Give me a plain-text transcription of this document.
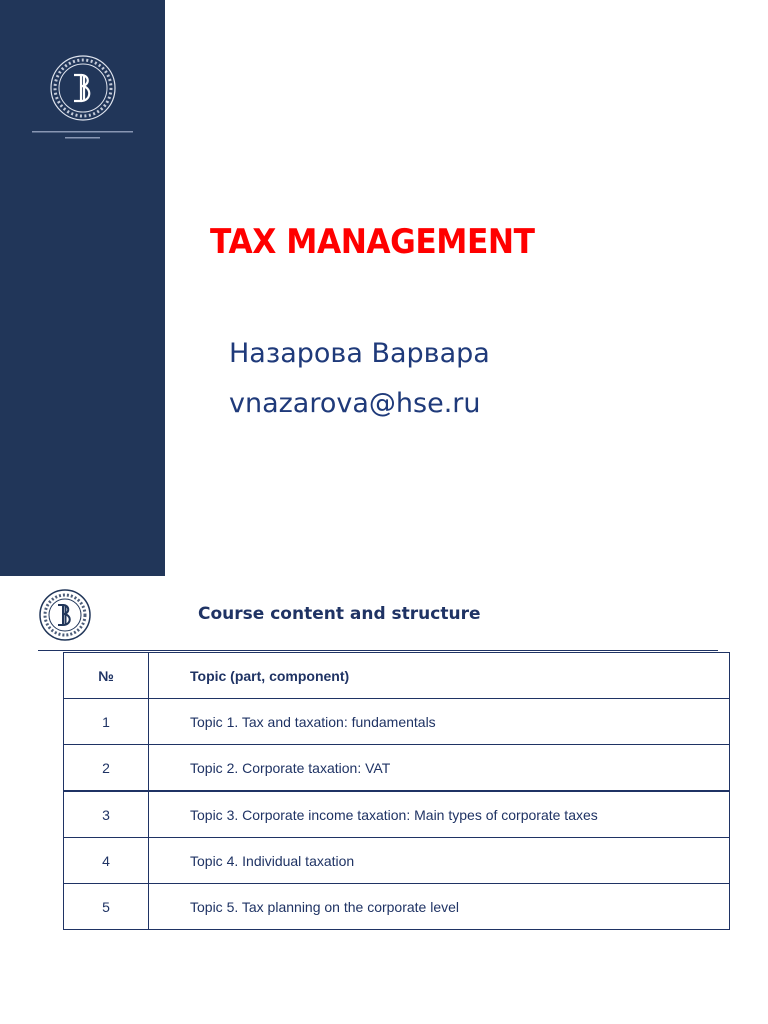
TAX MANAGEMENT
Назарова Варвара
vnazarova@hse.ru
Course content and structure
№	Topic (part, component)
1	Topic 1. Tax and taxation: fundamentals
2	Topic 2. Corporate taxation: VAT
3	Topic 3. Corporate income taxation: Main types of corporate taxes
4	Topic 4. Individual taxation
5	Topic 5. Tax planning on the corporate level
